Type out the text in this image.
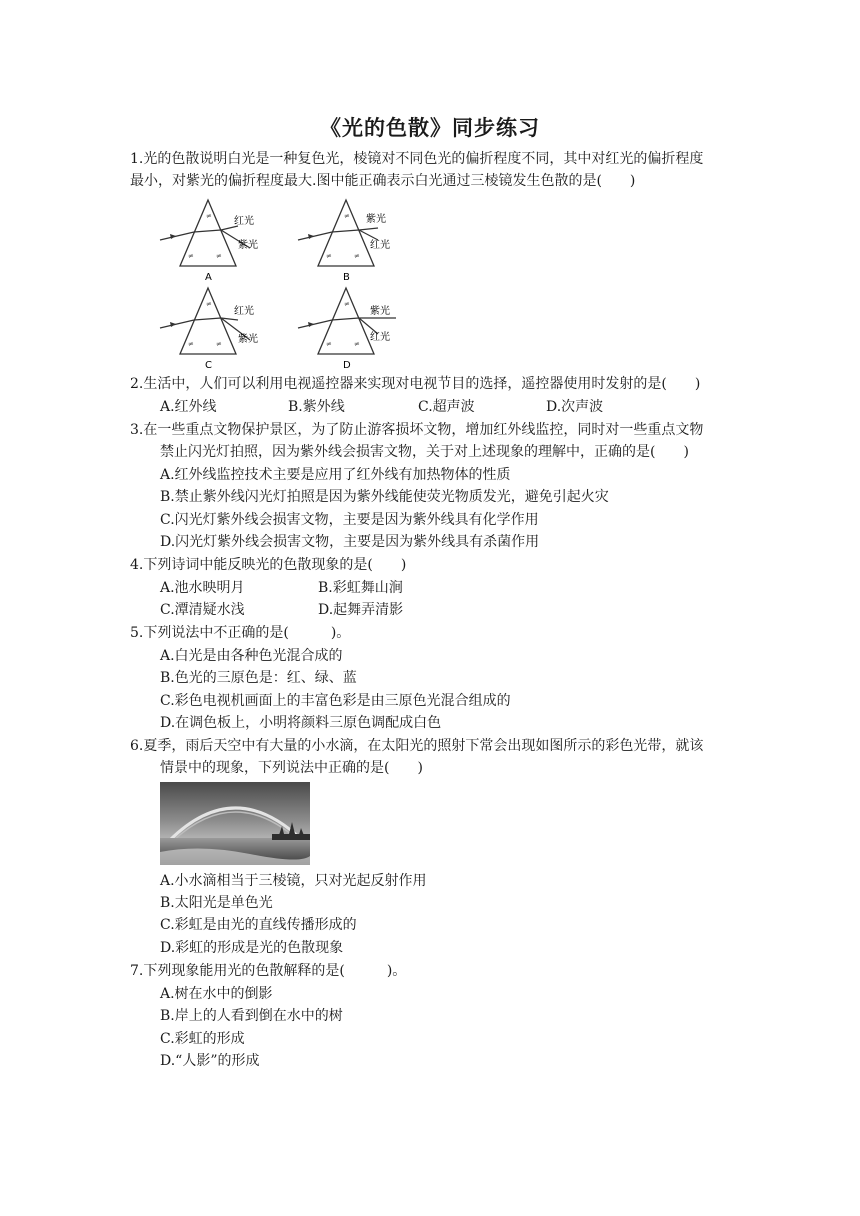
《光的色散》同步练习
1.光的色散说明白光是一种复色光，棱镜对不同色光的偏折程度不同，其中对红光的偏折程度
最小，对紫光的偏折程度最大.图中能正确表示白光通过三棱镜发生色散的是(　　)
≠
≠	≠
红光
紫光
A
≠
≠	≠
紫光
红光
B
≠
≠	≠
红光
紫光
C
≠
≠	≠
紫光
红光
D
2.生活中，人们可以利用电视遥控器来实现对电视节目的选择，遥控器使用时发射的是(　　)
A.红外线	B.紫外线	C.超声波	D.次声波
3.在一些重点文物保护景区，为了防止游客损坏文物，增加红外线监控，同时对一些重点文物
禁止闪光灯拍照，因为紫外线会损害文物，关于对上述现象的理解中，正确的是(　　)
A.红外线监控技术主要是应用了红外线有加热物体的性质
B.禁止紫外线闪光灯拍照是因为紫外线能使荧光物质发光，避免引起火灾
C.闪光灯紫外线会损害文物，主要是因为紫外线具有化学作用
D.闪光灯紫外线会损害文物，主要是因为紫外线具有杀菌作用
4.下列诗词中能反映光的色散现象的是(　　)
A.池水映明月	B.彩虹舞山涧
C.潭清疑水浅	D.起舞弄清影
5.下列说法中不正确的是(　　　)。
A.白光是由各种色光混合成的
B.色光的三原色是：红、绿、蓝
C.彩色电视机画面上的丰富色彩是由三原色光混合组成的
D.在调色板上，小明将颜料三原色调配成白色
6.夏季，雨后天空中有大量的小水滴，在太阳光的照射下常会出现如图所示的彩色光带，就该
情景中的现象，下列说法中正确的是(　　)
A.小水滴相当于三棱镜，只对光起反射作用
B.太阳光是单色光
C.彩虹是由光的直线传播形成的
D.彩虹的形成是光的色散现象
7.下列现象能用光的色散解释的是(　　　)。
A.树在水中的倒影
B.岸上的人看到倒在水中的树
C.彩虹的形成
D.“人影”的形成
